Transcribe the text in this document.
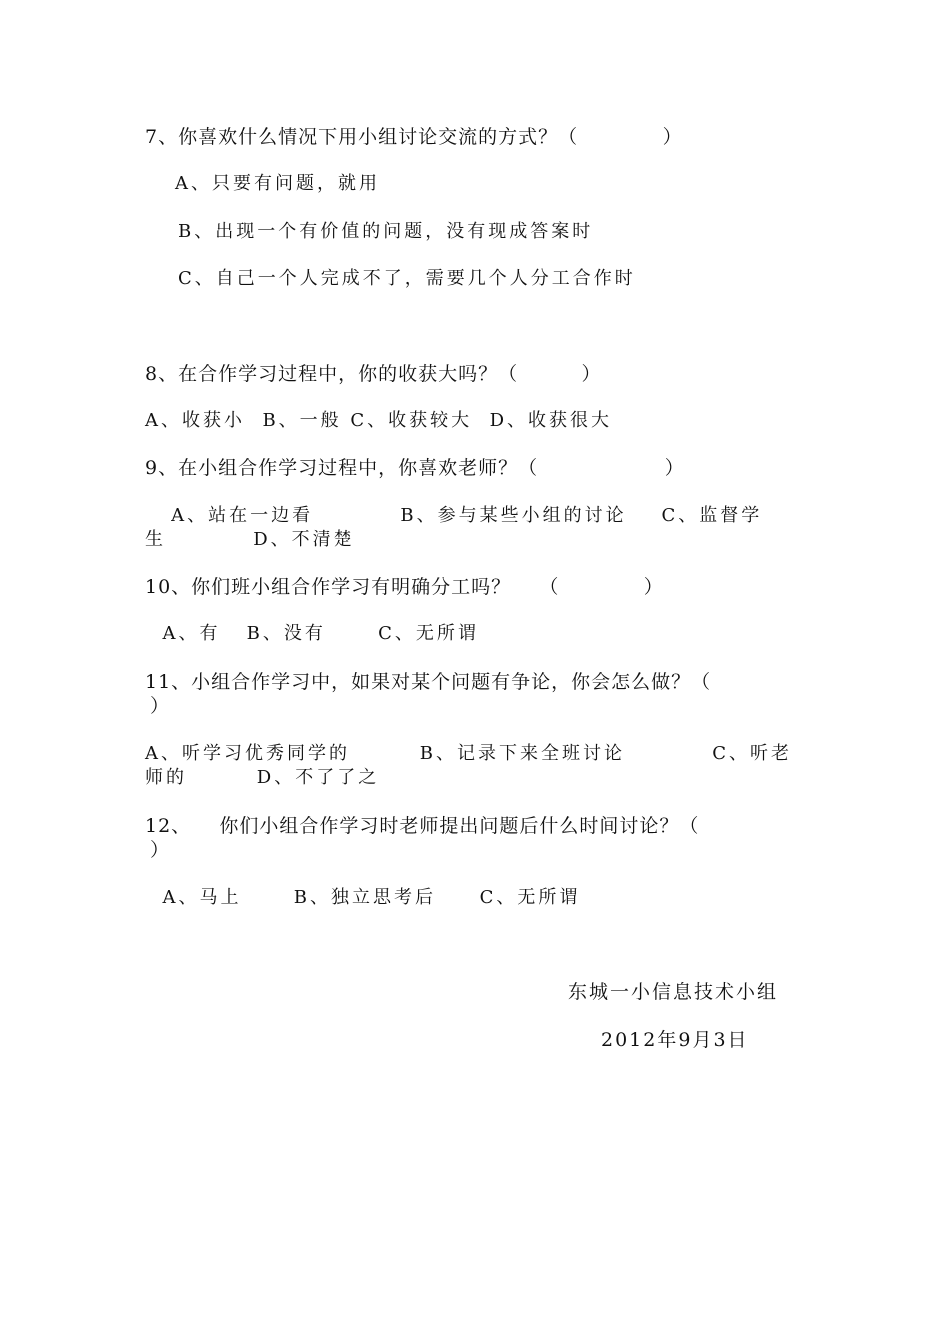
7、你喜欢什么情况下用小组讨论交流的方式？（            ）
A、只要有问题，就用
B、出现一个有价值的问题，没有现成答案时
C、自己一个人完成不了，需要几个人分工合作时
8、在合作学习过程中，你的收获大吗？（         ）
A、收获小  B、一般 C、收获较大  D、收获很大
9、在小组合作学习过程中，你喜欢老师？（                  ）
A、站在一边看          B、参与某些小组的讨论    C、监督学
生          D、不清楚
10、你们班小组合作学习有明确分工吗？    （            ）
A、有   B、没有      C、无所谓
11、小组合作学习中，如果对某个问题有争论，你会怎么做？（
）
A、听学习优秀同学的        B、记录下来全班讨论          C、听老
师的        D、不了了之
12、    你们小组合作学习时老师提出问题后什么时间讨论？（
）
A、马上      B、独立思考后     C、无所谓
东城一小信息技术小组
2012年9月3日
